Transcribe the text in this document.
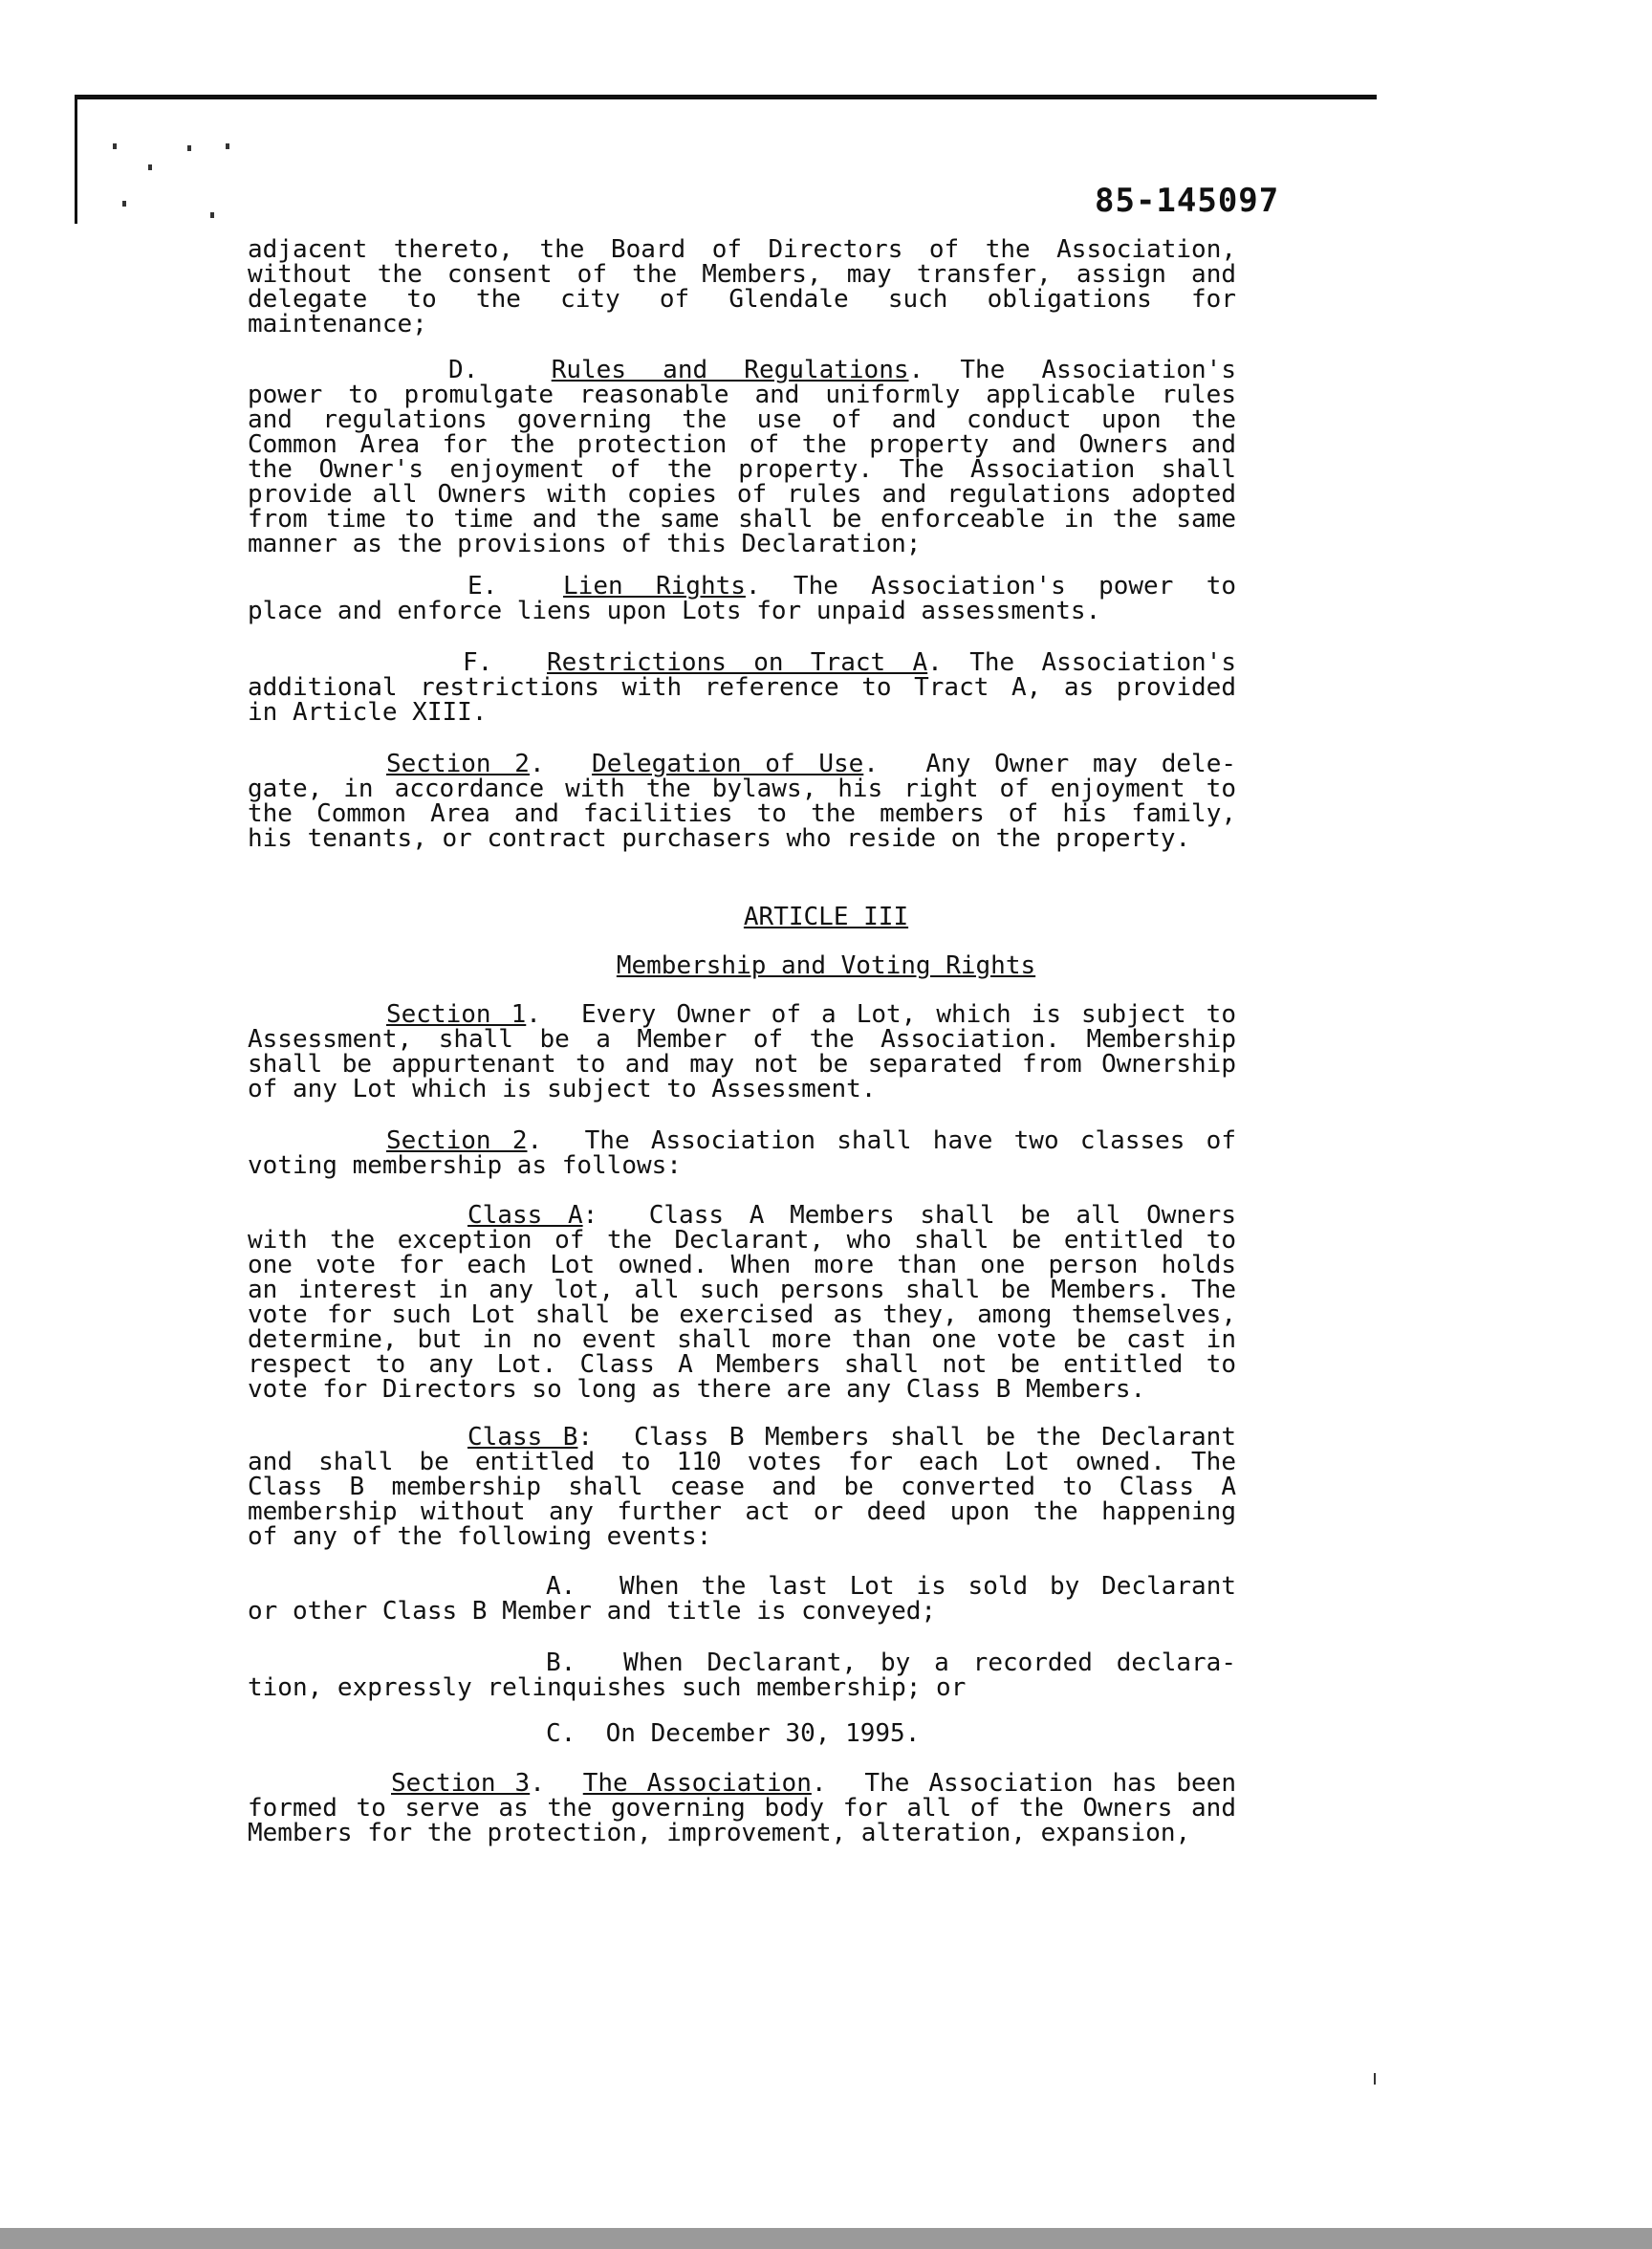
85-145097

adjacent thereto, the Board of Directors of the Association,

without the consent of the Members, may transfer, assign and

delegate to the city of Glendale such obligations for

maintenance;

D.	Rules and Regulations. The Association's

power to promulgate reasonable and uniformly applicable rules

and regulations governing the use of and conduct upon the

Common Area for the protection of the property and Owners and

the Owner's enjoyment of the property. The Association shall

provide all Owners with copies of rules and regulations adopted

from time to time and the same shall be enforceable in the same

manner as the provisions of this Declaration;

E.	Lien Rights. The Association's power to

place and enforce liens upon Lots for unpaid assessments.

F. Restrictions on Tract A. The Association's

additional restrictions with reference to Tract A, as provided

in Article XIII.

Section 2.  Delegation of Use.  Any Owner may dele-

gate, in accordance with the bylaws, his right of enjoyment to

the Common Area and facilities to the members of his family,

his tenants, or contract purchasers who reside on the property.

ARTICLE III
Membership and Voting Rights

Section 1.  Every Owner of a Lot, which is subject to

Assessment, shall be a Member of the Association. Membership

shall be appurtenant to and may not be separated from Ownership

of any Lot which is subject to Assessment.

Section 2.  The Association shall have two classes of

voting membership as follows:

Class A:  Class A Members shall be all Owners

with the exception of the Declarant, who shall be entitled to

one vote for each Lot owned. When more than one person holds

an interest in any lot, all such persons shall be Members. The

vote for such Lot shall be exercised as they, among themselves,

determine, but in no event shall more than one vote be cast in

respect to any Lot. Class A Members shall not be entitled to

vote for Directors so long as there are any Class B Members.

Class B:  Class B Members shall be the Declarant

and shall be entitled to 110 votes for each Lot owned. The

Class B membership shall cease and be converted to Class A

membership without any further act or deed upon the happening

of any of the following events:

A. When the last Lot is sold by Declarant

or other Class B Member and title is conveyed;

B. When Declarant, by a recorded declara-

tion, expressly relinquishes such membership; or

C. On December 30, 1995.

Section 3.  The Association.  The Association has been

formed to serve as the governing body for all of the Owners and

Members for the protection, improvement, alteration, expansion,
